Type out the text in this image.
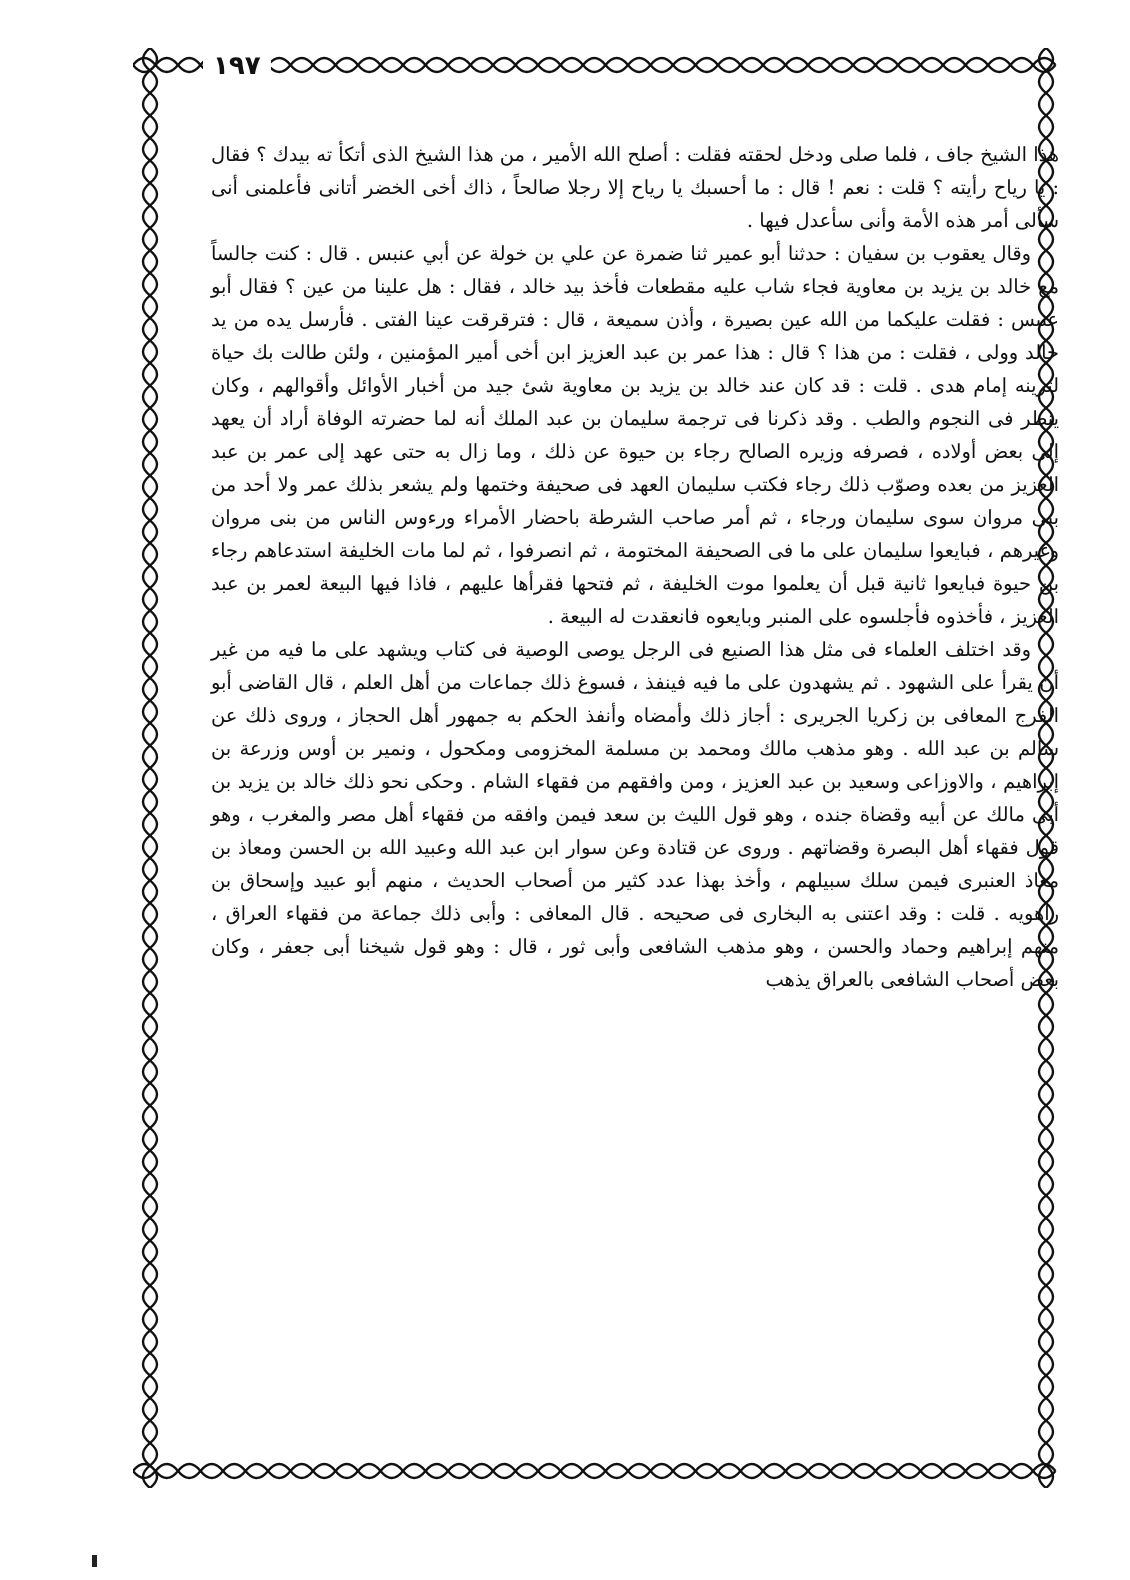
١٩٧

هذا الشيخ جاف ، فلما صلى ودخل لحقته فقلت : أصلح الله الأمير ، من هذا الشيخ الذى أتكأ ته بيدك ؟ فقال : يا رياح رأيته ؟ قلت : نعم ! قال : ما أحسبك يا رياح إلا رجلا صالحاً ، ذاك أخى الخضر أتانى فأعلمنى أنى سألى أمر هذه الأمة وأنى سأعدل فيها .

وقال يعقوب بن سفيان : حدثنا أبو عمير ثنا ضمرة عن علي بن خولة عن أبي عنبس . قال : كنت جالساً مع خالد بن يزيد بن معاوية فجاء شاب عليه مقطعات فأخذ بيد خالد ، فقال : هل علينا من عين ؟ فقال أبو عنبس : فقلت عليكما من الله عين بصيرة ، وأذن سميعة ، قال : فترقرقت عينا الفتى . فأرسل يده من يد خالد وولى ، فقلت : من هذا ؟ قال : هذا عمر بن عبد العزيز ابن أخى أمير المؤمنين ، ولئن طالت بك حياة لترينه إمام هدى . قلت : قد كان عند خالد بن يزيد بن معاوية شئ جيد من أخبار الأوائل وأقوالهم ، وكان ينظر فى النجوم والطب . وقد ذكرنا فى ترجمة سليمان بن عبد الملك أنه لما حضرته الوفاة أراد أن يعهد إلى بعض أولاده ، فصرفه وزيره الصالح رجاء بن حيوة عن ذلك ، وما زال به حتى عهد إلى عمر بن عبد العزيز من بعده وصوّب ذلك رجاء فكتب سليمان العهد فى صحيفة وختمها ولم يشعر بذلك عمر ولا أحد من بنى مروان سوى سليمان ورجاء ، ثم أمر صاحب الشرطة باحضار الأمراء ورءوس الناس من بنى مروان وغيرهم ، فبايعوا سليمان على ما فى الصحيفة المختومة ، ثم انصرفوا ، ثم لما مات الخليفة استدعاهم رجاء بن حيوة فبايعوا ثانية قبل أن يعلموا موت الخليفة ، ثم فتحها فقرأها عليهم ، فاذا فيها البيعة لعمر بن عبد العزيز ، فأخذوه فأجلسوه على المنبر وبايعوه فانعقدت له البيعة .

وقد اختلف العلماء فى مثل هذا الصنيع فى الرجل يوصى الوصية فى كتاب ويشهد على ما فيه من غير أن يقرأ على الشهود . ثم يشهدون على ما فيه فينفذ ، فسوغ ذلك جماعات من أهل العلم ، قال القاضى أبو الفرج المعافى بن زكريا الجريرى : أجاز ذلك وأمضاه وأنفذ الحكم به جمهور أهل الحجاز ، وروى ذلك عن سالم بن عبد الله . وهو مذهب مالك ومحمد بن مسلمة المخزومى ومكحول ، ونمير بن أوس وزرعة بن إبراهيم ، والاوزاعى وسعيد بن عبد العزيز ، ومن وافقهم من فقهاء الشام . وحكى نحو ذلك خالد بن يزيد بن أبى مالك عن أبيه وقضاة جنده ، وهو قول الليث بن سعد فيمن وافقه من فقهاء أهل مصر والمغرب ، وهو قول فقهاء أهل البصرة وقضاتهم . وروى عن قتادة وعن سوار ابن عبد الله وعبيد الله بن الحسن ومعاذ بن معاذ العنبرى فيمن سلك سبيلهم ، وأخذ بهذا عدد كثير من أصحاب الحديث ، منهم أبو عبيد وإسحاق بن راهويه . قلت : وقد اعتنى به البخارى فى صحيحه . قال المعافى : وأبى ذلك جماعة من فقهاء العراق ، منهم إبراهيم وحماد والحسن ، وهو مذهب الشافعى وأبى ثور ، قال : وهو قول شيخنا أبى جعفر ، وكان بعض أصحاب الشافعى بالعراق يذهب
